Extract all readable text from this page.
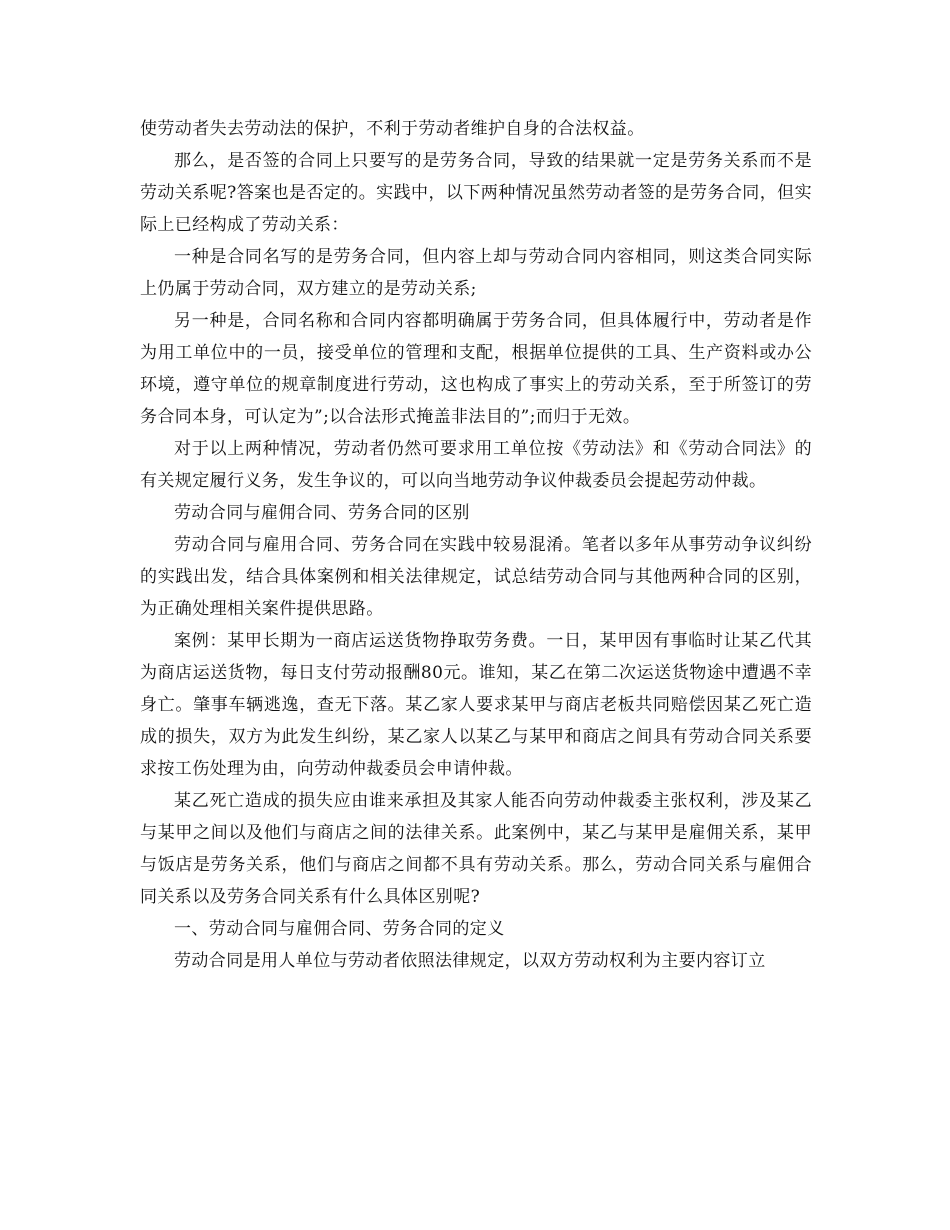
使劳动者失去劳动法的保护，不利于劳动者维护自身的合法权益。

那么，是否签的合同上只要写的是劳务合同，导致的结果就一定是劳务关系而不是劳动关系呢?答案也是否定的。实践中，以下两种情况虽然劳动者签的是劳务合同，但实际上已经构成了劳动关系：

一种是合同名写的是劳务合同，但内容上却与劳动合同内容相同，则这类合同实际上仍属于劳动合同，双方建立的是劳动关系;

另一种是，合同名称和合同内容都明确属于劳务合同，但具体履行中，劳动者是作为用工单位中的一员，接受单位的管理和支配，根据单位提供的工具、生产资料或办公环境，遵守单位的规章制度进行劳动，这也构成了事实上的劳动关系，至于所签订的劳务合同本身，可认定为”;以合法形式掩盖非法目的”;而归于无效。

对于以上两种情况，劳动者仍然可要求用工单位按《劳动法》和《劳动合同法》的有关规定履行义务，发生争议的，可以向当地劳动争议仲裁委员会提起劳动仲裁。

劳动合同与雇佣合同、劳务合同的区别

劳动合同与雇用合同、劳务合同在实践中较易混淆。笔者以多年从事劳动争议纠纷的实践出发，结合具体案例和相关法律规定，试总结劳动合同与其他两种合同的区别，为正确处理相关案件提供思路。

案例：某甲长期为一商店运送货物挣取劳务费。一日，某甲因有事临时让某乙代其为商店运送货物，每日支付劳动报酬80元。谁知，某乙在第二次运送货物途中遭遇不幸身亡。肇事车辆逃逸，查无下落。某乙家人要求某甲与商店老板共同赔偿因某乙死亡造成的损失，双方为此发生纠纷，某乙家人以某乙与某甲和商店之间具有劳动合同关系要求按工伤处理为由，向劳动仲裁委员会申请仲裁。

某乙死亡造成的损失应由谁来承担及其家人能否向劳动仲裁委主张权利，涉及某乙与某甲之间以及他们与商店之间的法律关系。此案例中，某乙与某甲是雇佣关系，某甲与饭店是劳务关系，他们与商店之间都不具有劳动关系。那么，劳动合同关系与雇佣合同关系以及劳务合同关系有什么具体区别呢?

一、劳动合同与雇佣合同、劳务合同的定义

劳动合同是用人单位与劳动者依照法律规定，以双方劳动权利为主要内容订立
